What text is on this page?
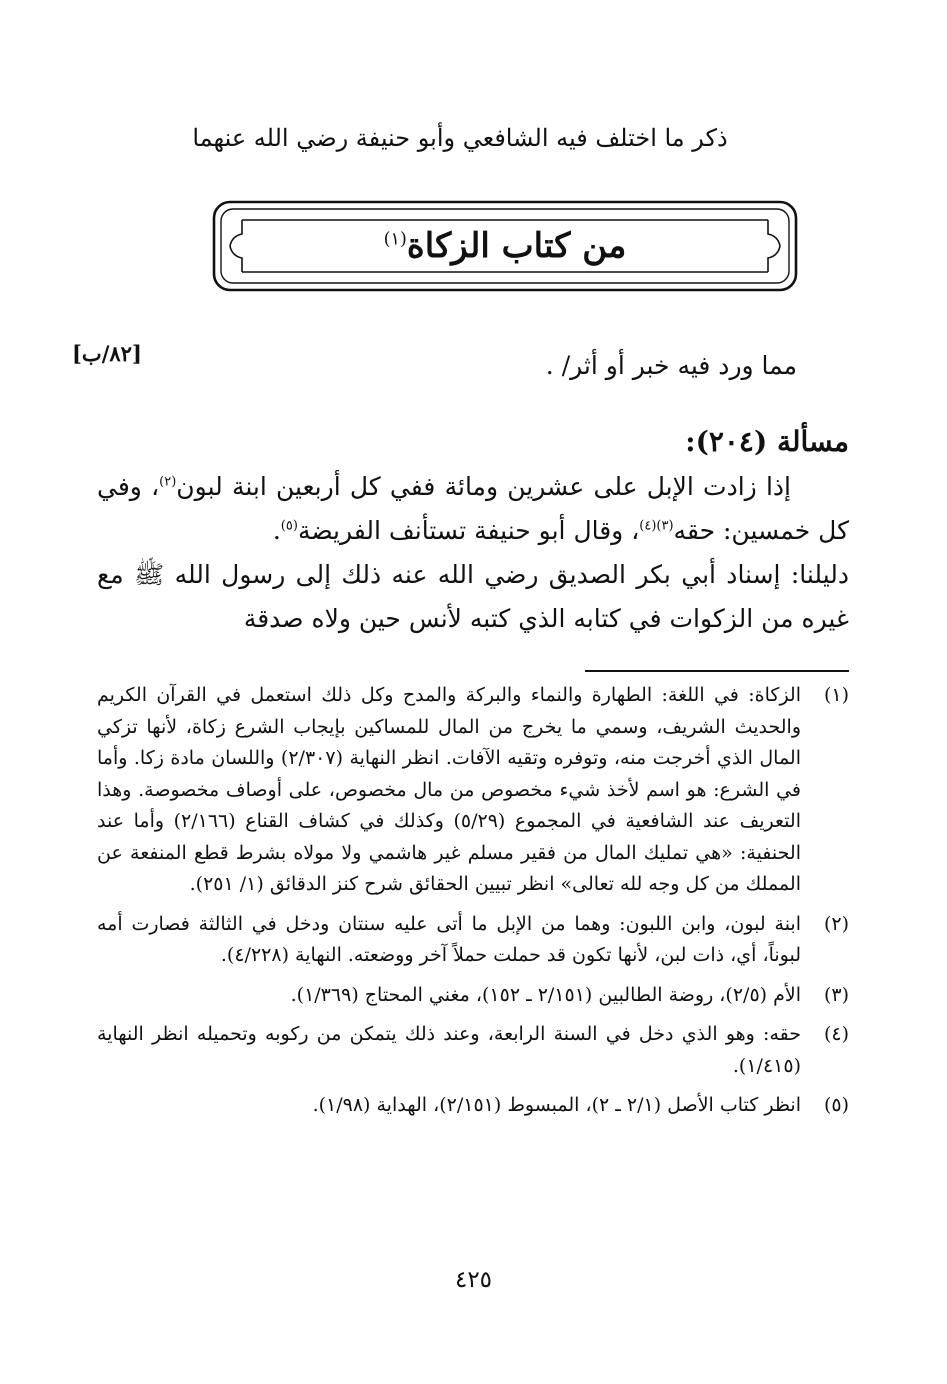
ذكر ما اختلف فيه الشافعي وأبو حنيفة رضي الله عنهما
من كتاب الزكاة$^{(١)}$
[٨٢/ب]	مما ورد فيه خبر أو أثر/ .
مسألة (٢٠٤):

إذا زادت الإبل على عشرين ومائة ففي كل أربعين ابنة لبون$^{(٢)}$، وفي كل خمسين: حقه$^{(٣)(٤)}$، وقال أبو حنيفة تستأنف الفريضة$^{(٥)}$.

دليلنا: إسناد أبي بكر الصديق رضي الله عنه ذلك إلى رسول الله ﷺ مع غيره من الزكوات في كتابه الذي كتبه لأنس حين ولاه صدقة

(١)
الزكاة: في اللغة: الطهارة والنماء والبركة والمدح وكل ذلك استعمل في القرآن الكريم والحديث الشريف، وسمي ما يخرج من المال للمساكين بإيجاب الشرع زكاة، لأنها تزكي المال الذي أخرجت منه، وتوفره وتقيه الآفات. انظر النهاية (٢/٣٠٧) واللسان مادة زكا. وأما في الشرع: هو اسم لأخذ شيء مخصوص من مال مخصوص، على أوصاف مخصوصة. وهذا التعريف عند الشافعية في المجموع (٥/٢٩) وكذلك في كشاف القناع (٢/١٦٦) وأما عند الحنفية: «هي تمليك المال من فقير مسلم غير هاشمي ولا مولاه بشرط قطع المنفعة عن المملك من كل وجه لله تعالى» انظر تبيين الحقائق شرح كنز الدقائق (١/ ٢٥١).
(٢)
ابنة لبون، وابن اللبون: وهما من الإبل ما أتى عليه سنتان ودخل في الثالثة فصارت أمه لبوناً، أي، ذات لبن، لأنها تكون قد حملت حملاً آخر ووضعته. النهاية (٤/٢٢٨).
(٣)
الأم (٢/٥)، روضة الطالبين (٢/١٥١ ـ ١٥٢)، مغني المحتاج (١/٣٦٩).
(٤)
حقه: وهو الذي دخل في السنة الرابعة، وعند ذلك يتمكن من ركوبه وتحميله انظر النهاية (١/٤١٥).
(٥)
انظر كتاب الأصل (٢/١ ـ ٢)، المبسوط (٢/١٥١)، الهداية (١/٩٨).
٤٢٥
